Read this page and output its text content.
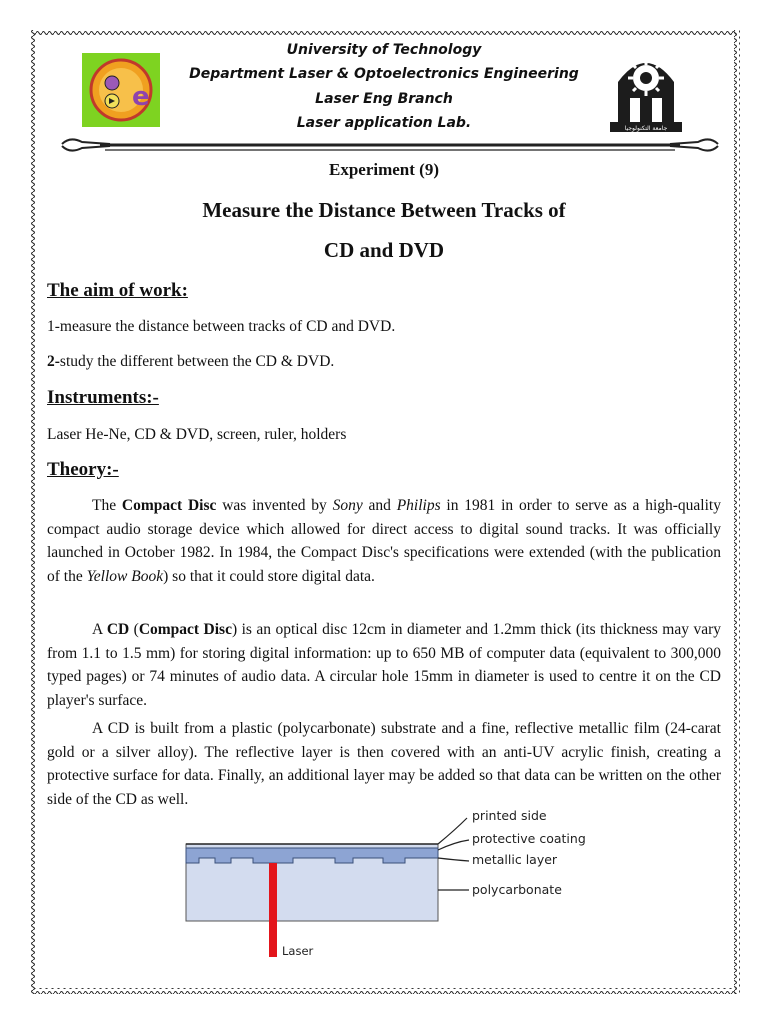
University of Technology
Department Laser & Optoelectronics Engineering
Laser Eng Branch
Laser application Lab.
e
جامعة التكنولوجيا
Experiment (9)
Measure the Distance Between Tracks of
CD and DVD
The aim of work:
1-measure the distance between tracks of CD and DVD.
2-study the different between the CD & DVD.
Instruments:-
Laser He-Ne, CD & DVD, screen, ruler, holders
Theory:-
The Compact Disc was invented by Sony and Philips in 1981 in order to serve as a high-quality compact audio storage device which allowed for direct access to digital sound tracks. It was officially launched in October 1982. In 1984, the Compact Disc's specifications were extended (with the publication of the Yellow Book) so that it could store digital data.
A CD (Compact Disc) is an optical disc 12cm in diameter and 1.2mm thick (its thickness may vary from 1.1 to 1.5 mm) for storing digital information: up to 650 MB of computer data (equivalent to 300,000 typed pages) or 74 minutes of audio data. A circular hole 15mm in diameter is used to centre it on the CD player's surface.
A CD is built from a plastic (polycarbonate) substrate and a fine, reflective metallic film (24-carat gold or a silver alloy). The reflective layer is then covered with an anti-UV acrylic finish, creating a protective surface for data. Finally, an additional layer may be added so that data can be written on the other side of the CD as well.
printed side
protective coating
metallic layer
polycarbonate
Laser
